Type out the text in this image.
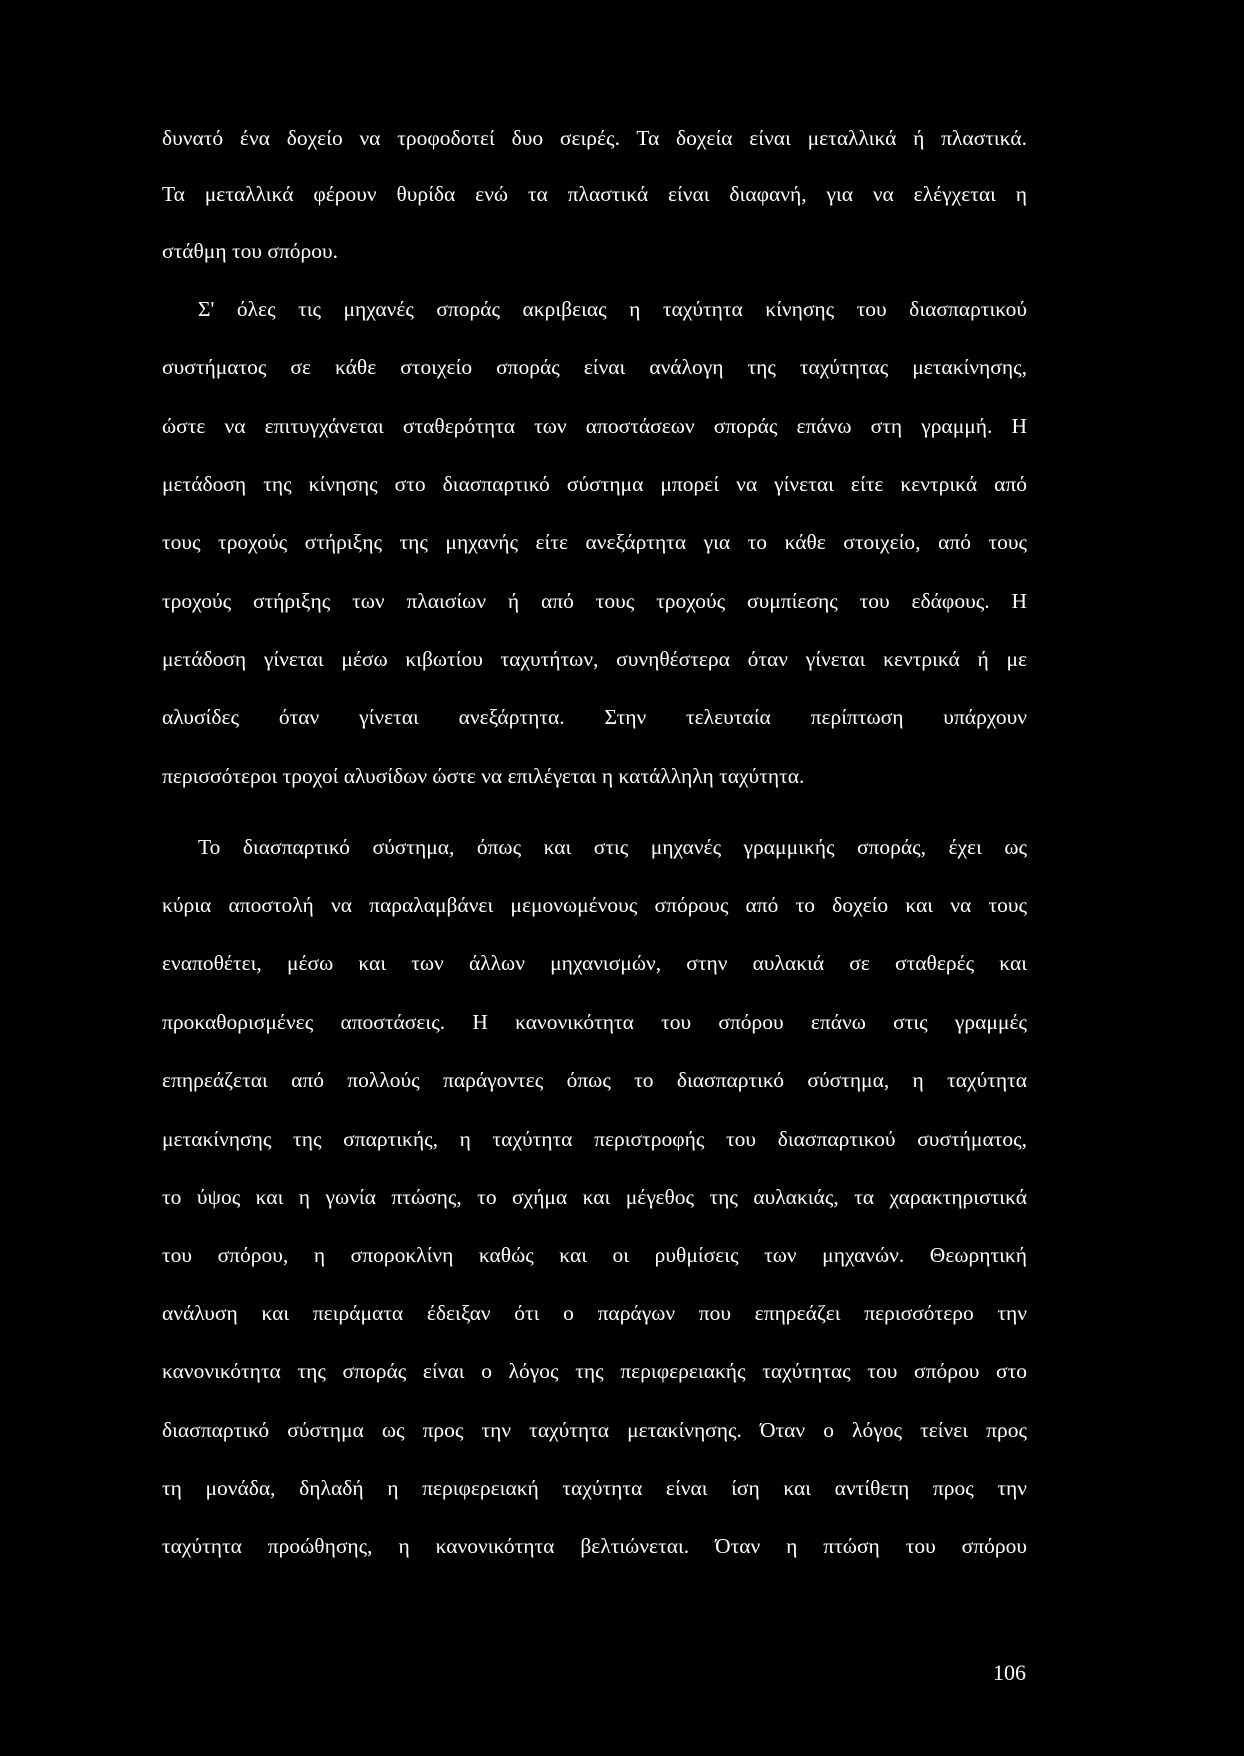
δυνατό ένα δοχείο να τροφοδοτεί δυο σειρές. Τα δοχεία είναι μεταλλικά ή πλαστικά.
Τα μεταλλικά φέρουν θυρίδα ενώ τα πλαστικά είναι διαφανή, για να ελέγχεται η
στάθμη του σπόρου.
Σ' όλες τις μηχανές σποράς ακριβειας η ταχύτητα κίνησης του διασπαρτικού
συστήματος σε κάθε στοιχείο σποράς είναι ανάλογη της ταχύτητας μετακίνησης,
ώστε να επιτυγχάνεται σταθερότητα των αποστάσεων σποράς επάνω στη γραμμή. Η
μετάδοση της κίνησης στο διασπαρτικό σύστημα μπορεί να γίνεται είτε κεντρικά από
τους τροχούς στήριξης της μηχανής είτε ανεξάρτητα για το κάθε στοιχείο, από τους
τροχούς στήριξης των πλαισίων ή από τους τροχούς συμπίεσης του εδάφους. Η
μετάδοση γίνεται μέσω κιβωτίου ταχυτήτων, συνηθέστερα όταν γίνεται κεντρικά ή με
αλυσίδες όταν γίνεται ανεξάρτητα. Στην τελευταία περίπτωση υπάρχουν
περισσότεροι τροχοί αλυσίδων ώστε να επιλέγεται η κατάλληλη ταχύτητα.
Το διασπαρτικό σύστημα, όπως και στις μηχανές γραμμικής σποράς, έχει ως
κύρια αποστολή να παραλαμβάνει μεμονωμένους σπόρους από το δοχείο και να τους
εναποθέτει, μέσω και των άλλων μηχανισμών, στην αυλακιά σε σταθερές και
προκαθορισμένες αποστάσεις. Η κανονικότητα του σπόρου επάνω στις γραμμές
επηρεάζεται από πολλούς παράγοντες όπως το διασπαρτικό σύστημα, η ταχύτητα
μετακίνησης της σπαρτικής, η ταχύτητα περιστροφής του διασπαρτικού συστήματος,
το ύψος και η γωνία πτώσης, το σχήμα και μέγεθος της αυλακιάς, τα χαρακτηριστικά
του σπόρου, η σποροκλίνη καθώς και οι ρυθμίσεις των μηχανών. Θεωρητική
ανάλυση και πειράματα έδειξαν ότι ο παράγων που επηρεάζει περισσότερο την
κανονικότητα της σποράς είναι ο λόγος της περιφερειακής ταχύτητας του σπόρου στο
διασπαρτικό σύστημα ως προς την ταχύτητα μετακίνησης. Όταν ο λόγος τείνει προς
τη μονάδα, δηλαδή η περιφερειακή ταχύτητα είναι ίση και αντίθετη προς την
ταχύτητα προώθησης, η κανονικότητα βελτιώνεται. Όταν η πτώση του σπόρου
106
